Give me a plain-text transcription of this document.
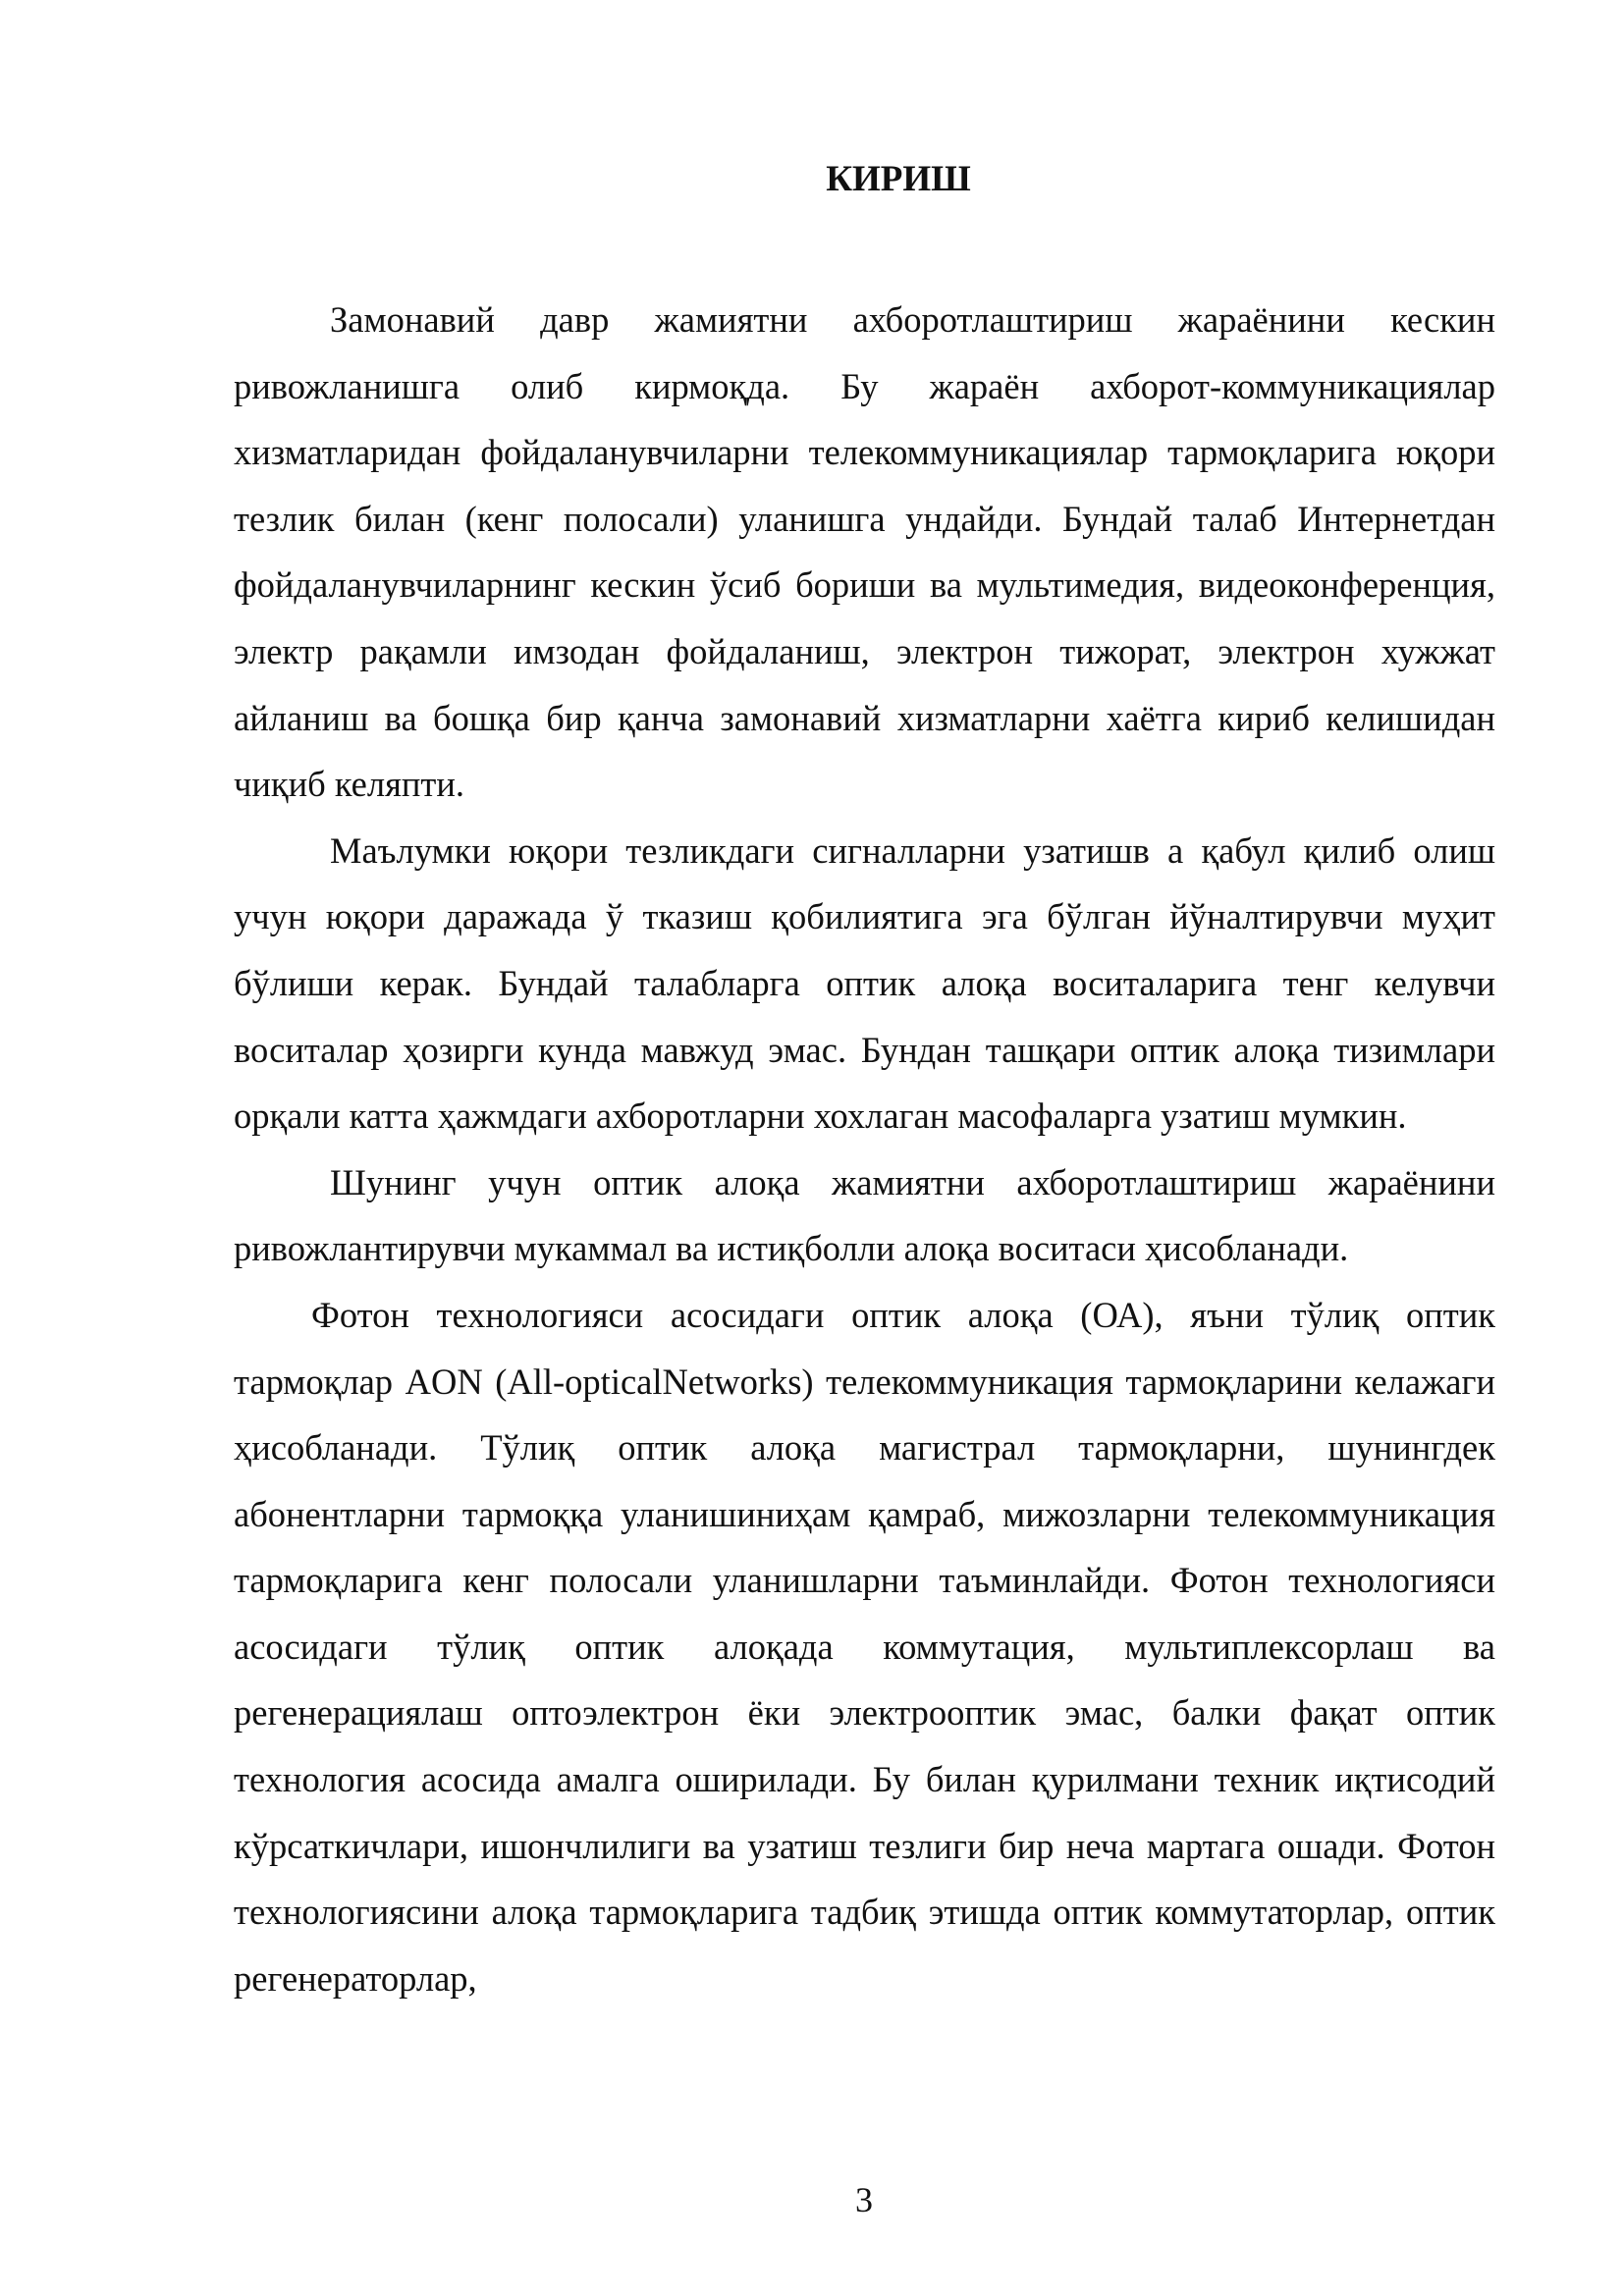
КИРИШ

Замонавий давр жамиятни ахборотлаштириш жараёнини кескин ривожланишга олиб кирмоқда. Бу жараён ахборот-коммуникациялар хизматларидан фойдаланувчиларни телекоммуникациялар тармоқларига юқори тезлик билан (кенг полосали) уланишга ундайди. Бундай талаб Интернетдан фойдаланувчиларнинг кескин ўсиб бориши ва мультимедия, видеоконференция, электр рақамли имзодан фойдаланиш, электрон тижорат, электрон хужжат айланиш ва бошқа бир қанча замонавий хизматларни хаётга кириб келишидан чиқиб келяпти.

Маълумки юқори тезликдаги сигналларни узатишв а қабул қилиб олиш учун юқори даражада ў тказиш қобилиятига эга бўлган йўналтирувчи муҳит бўлиши керак. Бундай талабларга оптик алоқа воситаларига тенг келувчи воситалар ҳозирги кунда мавжуд эмас. Бундан ташқари оптик алоқа тизимлари орқали катта ҳажмдаги ахборотларни хохлаган масофаларга узатиш мумкин.

Шунинг учун оптик алоқа жамиятни ахборотлаштириш жараёнини ривожлантирувчи мукаммал ва истиқболли алоқа воситаси ҳисобланади.

Фотон технологияси асосидаги оптик алоқа (ОА), яъни тўлиқ оптик тармоқлар AON (All-opticalNetworks) телекоммуникация тармоқларини келажаги ҳисобланади. Тўлиқ оптик алоқа магистрал тармоқларни, шунингдек абонентларни тармоққа уланишиниҳам қамраб, мижозларни телекоммуникация тармоқларига кенг полосали уланишларни таъминлайди. Фотон технологияси асосидаги тўлиқ оптик алоқада коммутация, мультиплексорлаш ва регенерациялаш оптоэлектрон ёки электрооптик эмас, балки фақат оптик технология асосида амалга оширилади. Бу билан қурилмани техник иқтисодий кўрсаткичлари, ишончлилиги ва узатиш тезлиги бир неча мартага ошади. Фотон технологиясини алоқа тармоқларига тадбиқ этишда оптик коммутаторлар, оптик регенераторлар,

3
